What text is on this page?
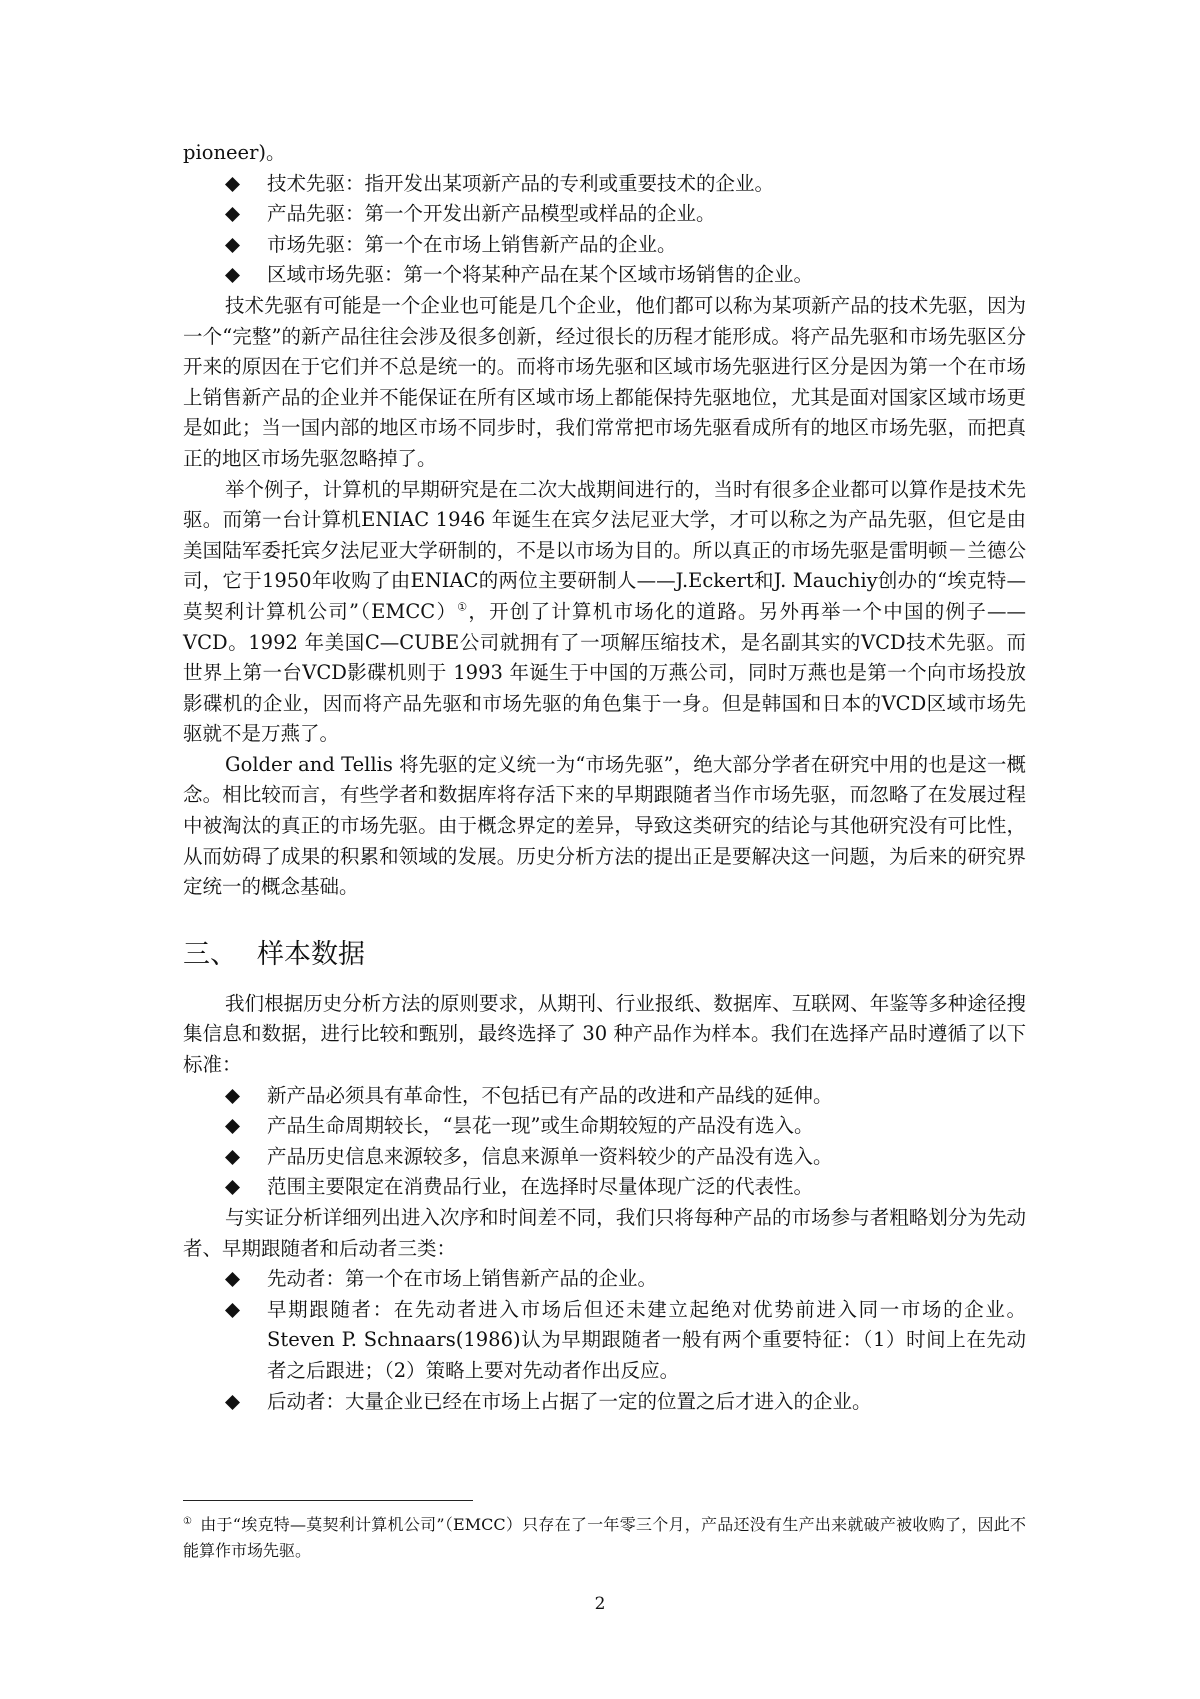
pioneer)。

技术先驱：指开发出某项新产品的专利或重要技术的企业。
产品先驱：第一个开发出新产品模型或样品的企业。
市场先驱：第一个在市场上销售新产品的企业。
区域市场先驱：第一个将某种产品在某个区域市场销售的企业。

技术先驱有可能是一个企业也可能是几个企业，他们都可以称为某项新产品的技术先驱，因为一个“完整”的新产品往往会涉及很多创新，经过很长的历程才能形成。将产品先驱和市场先驱区分开来的原因在于它们并不总是统一的。而将市场先驱和区域市场先驱进行区分是因为第一个在市场上销售新产品的企业并不能保证在所有区域市场上都能保持先驱地位，尤其是面对国家区域市场更是如此；当一国内部的地区市场不同步时，我们常常把市场先驱看成所有的地区市场先驱，而把真正的地区市场先驱忽略掉了。

举个例子，计算机的早期研究是在二次大战期间进行的，当时有很多企业都可以算作是技术先驱。而第一台计算机ENIAC 1946 年诞生在宾夕法尼亚大学，才可以称之为产品先驱，但它是由美国陆军委托宾夕法尼亚大学研制的，不是以市场为目的。所以真正的市场先驱是雷明顿－兰德公司，它于1950年收购了由ENIAC的两位主要研制人——J.Eckert和J. Mauchiy创办的“埃克特—莫契利计算机公司”（EMCC）①，开创了计算机市场化的道路。另外再举一个中国的例子——VCD。1992 年美国C—CUBE公司就拥有了一项解压缩技术，是名副其实的VCD技术先驱。而世界上第一台VCD影碟机则于 1993 年诞生于中国的万燕公司，同时万燕也是第一个向市场投放影碟机的企业，因而将产品先驱和市场先驱的角色集于一身。但是韩国和日本的VCD区域市场先驱就不是万燕了。

Golder and Tellis 将先驱的定义统一为“市场先驱”，绝大部分学者在研究中用的也是这一概念。相比较而言，有些学者和数据库将存活下来的早期跟随者当作市场先驱，而忽略了在发展过程中被淘汰的真正的市场先驱。由于概念界定的差异，导致这类研究的结论与其他研究没有可比性，从而妨碍了成果的积累和领域的发展。历史分析方法的提出正是要解决这一问题，为后来的研究界定统一的概念基础。

三、 样本数据

我们根据历史分析方法的原则要求，从期刊、行业报纸、数据库、互联网、年鉴等多种途径搜集信息和数据，进行比较和甄别，最终选择了 30 种产品作为样本。我们在选择产品时遵循了以下标准：

新产品必须具有革命性，不包括已有产品的改进和产品线的延伸。
产品生命周期较长，“昙花一现”或生命期较短的产品没有选入。
产品历史信息来源较多，信息来源单一资料较少的产品没有选入。
范围主要限定在消费品行业，在选择时尽量体现广泛的代表性。

与实证分析详细列出进入次序和时间差不同，我们只将每种产品的市场参与者粗略划分为先动者、早期跟随者和后动者三类：

先动者：第一个在市场上销售新产品的企业。
早期跟随者：在先动者进入市场后但还未建立起绝对优势前进入同一市场的企业。Steven P. Schnaars(1986)认为早期跟随者一般有两个重要特征：（1）时间上在先动者之后跟进；（2）策略上要对先动者作出反应。
后动者：大量企业已经在市场上占据了一定的位置之后才进入的企业。
① 由于“埃克特—莫契利计算机公司”（EMCC）只存在了一年零三个月，产品还没有生产出来就破产被收购了，因此不能算作市场先驱。
2
